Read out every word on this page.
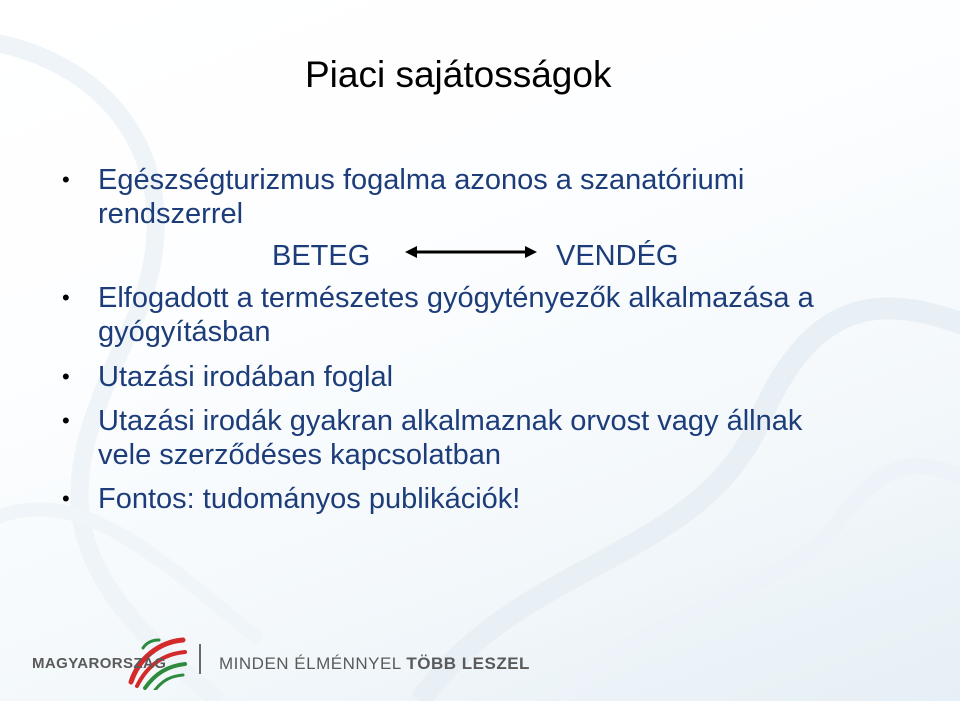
Piaci sajátosságok
• Egészségturizmus fogalma azonos a szanatóriumi
rendszerrel
BETEG	VENDÉG
• Elfogadott a természetes gyógytényezők alkalmazása a
gyógyításban
• Utazási irodában foglal
• Utazási irodák gyakran alkalmaznak orvost vagy állnak
vele szerződéses kapcsolatban
• Fontos: tudományos publikációk!
MAGYARORSZÁG	MINDEN ÉLMÉNNYEL TÖBB LESZEL
